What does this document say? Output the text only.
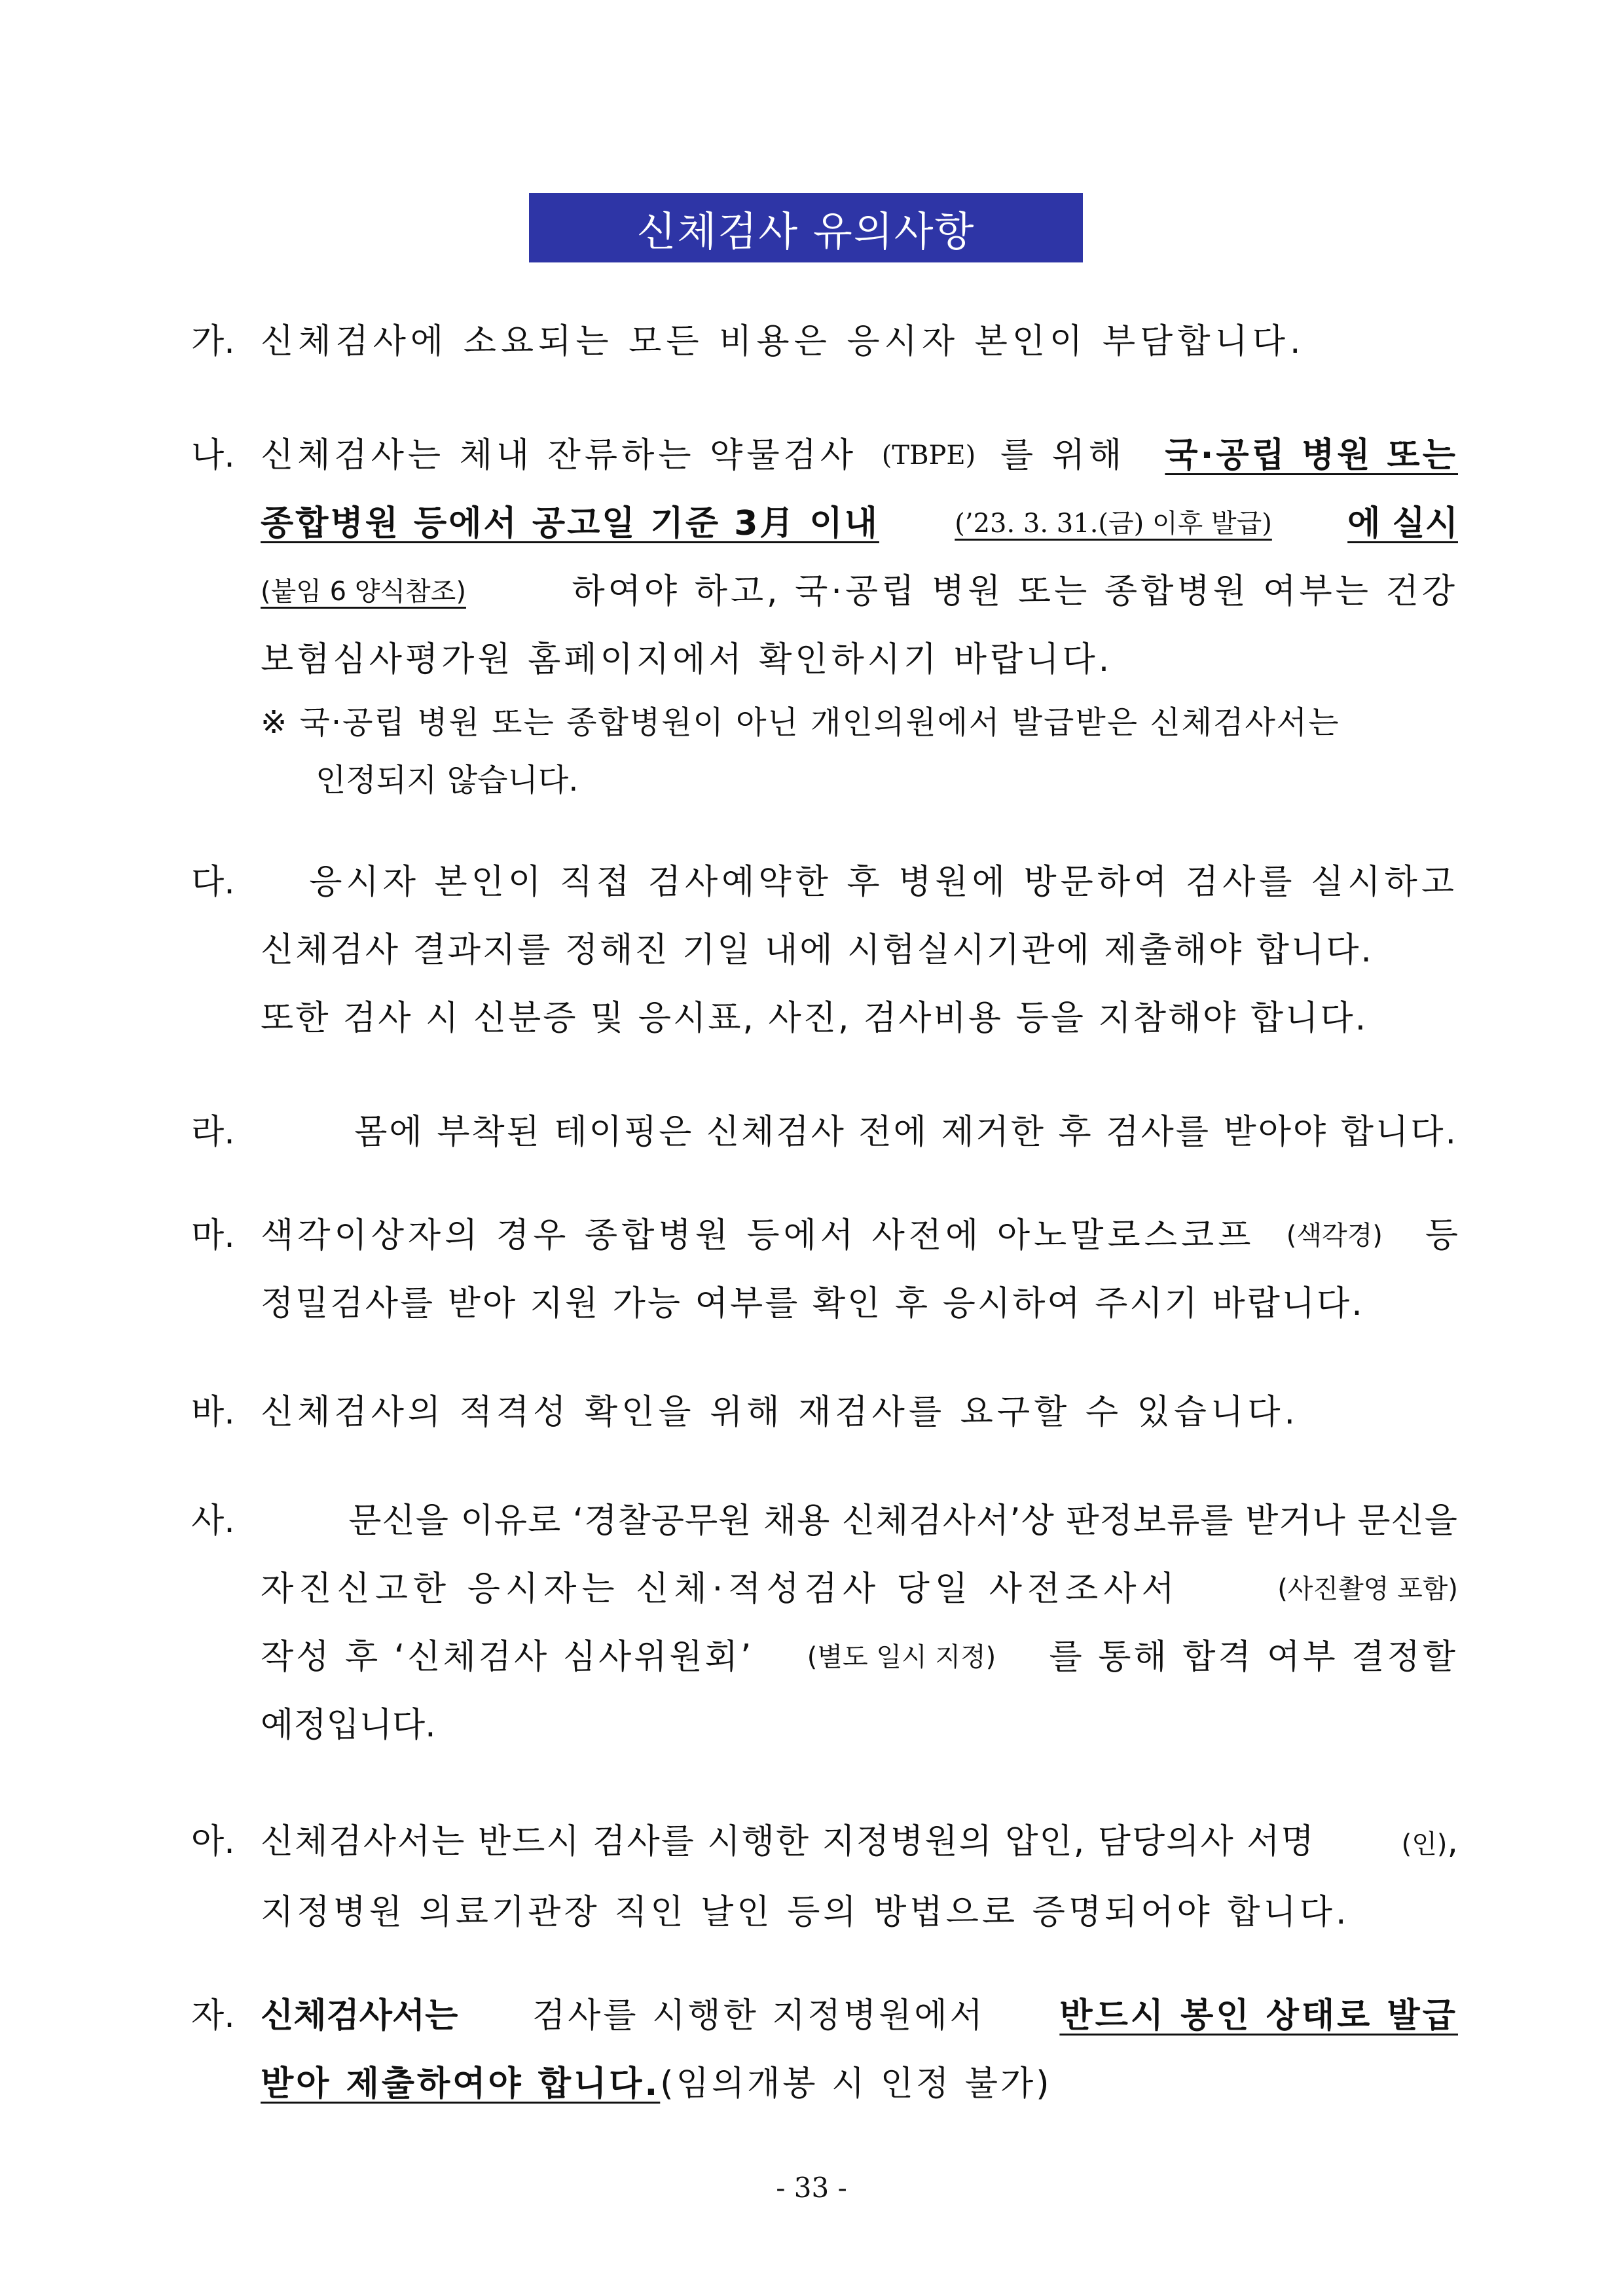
신체검사 유의사항
가. 신체검사에 소요되는 모든 비용은 응시자 본인이 부담합니다.
나. 신체검사는 체내 잔류하는 약물검사 (TBPE) 를 위해 국·공립 병원 또는
종합병원 등에서 공고일 기준 3月 이내	(’23. 3. 31.(금) 이후 발급) 에 실시
(붙임 6 양식참조)	하여야 하고, 국·공립 병원 또는 종합병원 여부는 건강
보험심사평가원 홈페이지에서 확인하시기 바랍니다.
※ 국·공립 병원 또는 종합병원이 아닌 개인의원에서 발급받은 신체검사서는
인정되지 않습니다.
다.	응시자 본인이 직접 검사예약한 후 병원에 방문하여 검사를 실시하고
신체검사 결과지를 정해진 기일 내에 시험실시기관에 제출해야 합니다.
또한 검사 시 신분증 및 응시표, 사진, 검사비용 등을 지참해야 합니다.
라.	몸에 부착된 테이핑은 신체검사 전에 제거한 후 검사를 받아야 합니다.
마. 색각이상자의 경우 종합병원 등에서 사전에 아노말로스코프 (색각경) 등
정밀검사를 받아 지원 가능 여부를 확인 후 응시하여 주시기 바랍니다.
바. 신체검사의 적격성 확인을 위해 재검사를 요구할 수 있습니다.
사.	문신을 이유로 ‘경찰공무원 채용 신체검사서’상 판정보류를 받거나 문신을
자진신고한 응시자는 신체·적성검사 당일 사전조사서	(사진촬영 포함)
작성 후 ‘신체검사 심사위원회’ (별도 일시 지정) 를 통해 합격 여부 결정할
예정입니다.
아. 신체검사서는 반드시 검사를 시행한 지정병원의 압인, 담당의사 서명	(인),
지정병원 의료기관장 직인 날인 등의 방법으로 증명되어야 합니다.
자. 신체검사서는 검사를 시행한 지정병원에서 반드시 봉인 상태로 발급
받아 제출하여야 합니다. (임의개봉 시 인정 불가)
- 33 -
